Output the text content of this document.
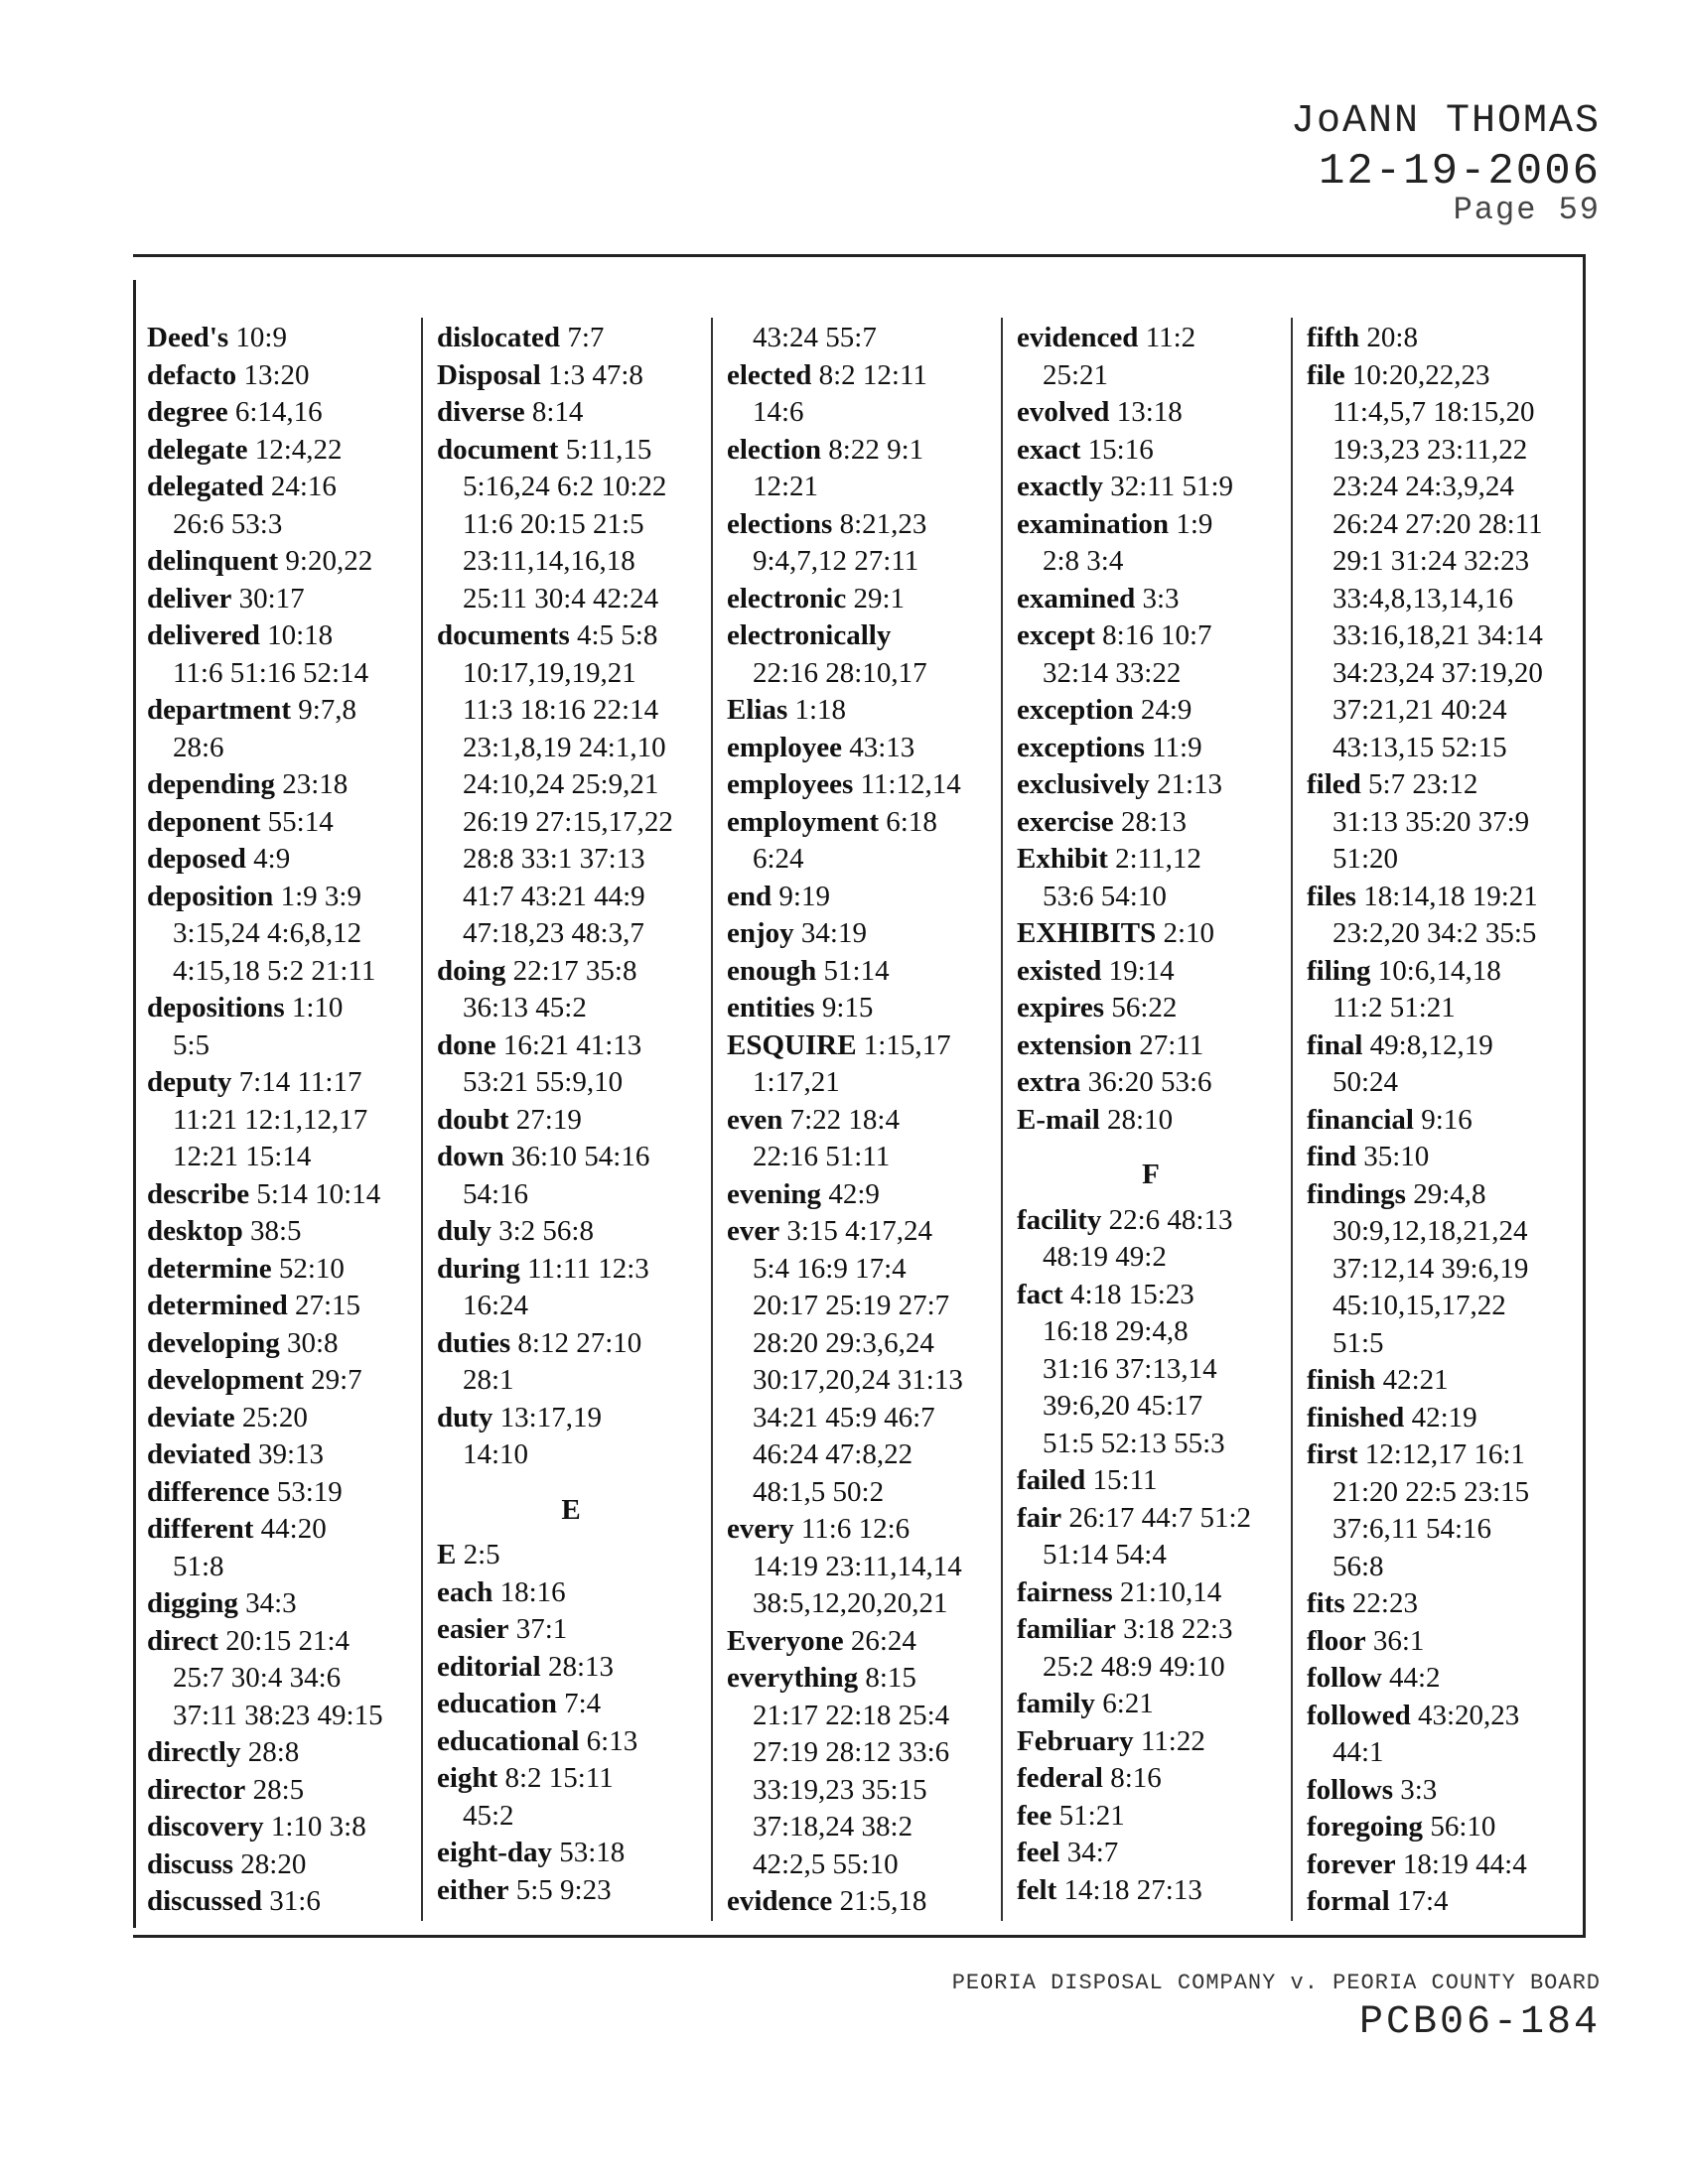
JoANN THOMAS
12-19-2006
Page 59
Deed's 10:9
defacto 13:20
degree 6:14,16
delegate 12:4,22
delegated 24:16
26:6 53:3
delinquent 9:20,22
deliver 30:17
delivered 10:18
11:6 51:16 52:14
department 9:7,8
28:6
depending 23:18
deponent 55:14
deposed 4:9
deposition 1:9 3:9
3:15,24 4:6,8,12
4:15,18 5:2 21:11
depositions 1:10
5:5
deputy 7:14 11:17
11:21 12:1,12,17
12:21 15:14
describe 5:14 10:14
desktop 38:5
determine 52:10
determined 27:15
developing 30:8
development 29:7
deviate 25:20
deviated 39:13
difference 53:19
different 44:20
51:8
digging 34:3
direct 20:15 21:4
25:7 30:4 34:6
37:11 38:23 49:15
directly 28:8
director 28:5
discovery 1:10 3:8
discuss 28:20
discussed 31:6
dislocated 7:7
Disposal 1:3 47:8
diverse 8:14
document 5:11,15
5:16,24 6:2 10:22
11:6 20:15 21:5
23:11,14,16,18
25:11 30:4 42:24
documents 4:5 5:8
10:17,19,19,21
11:3 18:16 22:14
23:1,8,19 24:1,10
24:10,24 25:9,21
26:19 27:15,17,22
28:8 33:1 37:13
41:7 43:21 44:9
47:18,23 48:3,7
doing 22:17 35:8
36:13 45:2
done 16:21 41:13
53:21 55:9,10
doubt 27:19
down 36:10 54:16
54:16
duly 3:2 56:8
during 11:11 12:3
16:24
duties 8:12 27:10
28:1
duty 13:17,19
14:10
E
E 2:5
each 18:16
easier 37:1
editorial 28:13
education 7:4
educational 6:13
eight 8:2 15:11
45:2
eight-day 53:18
either 5:5 9:23
43:24 55:7
elected 8:2 12:11
14:6
election 8:22 9:1
12:21
elections 8:21,23
9:4,7,12 27:11
electronic 29:1
electronically
22:16 28:10,17
Elias 1:18
employee 43:13
employees 11:12,14
employment 6:18
6:24
end 9:19
enjoy 34:19
enough 51:14
entities 9:15
ESQUIRE 1:15,17
1:17,21
even 7:22 18:4
22:16 51:11
evening 42:9
ever 3:15 4:17,24
5:4 16:9 17:4
20:17 25:19 27:7
28:20 29:3,6,24
30:17,20,24 31:13
34:21 45:9 46:7
46:24 47:8,22
48:1,5 50:2
every 11:6 12:6
14:19 23:11,14,14
38:5,12,20,20,21
Everyone 26:24
everything 8:15
21:17 22:18 25:4
27:19 28:12 33:6
33:19,23 35:15
37:18,24 38:2
42:2,5 55:10
evidence 21:5,18
evidenced 11:2
25:21
evolved 13:18
exact 15:16
exactly 32:11 51:9
examination 1:9
2:8 3:4
examined 3:3
except 8:16 10:7
32:14 33:22
exception 24:9
exceptions 11:9
exclusively 21:13
exercise 28:13
Exhibit 2:11,12
53:6 54:10
EXHIBITS 2:10
existed 19:14
expires 56:22
extension 27:11
extra 36:20 53:6
E-mail 28:10
F
facility 22:6 48:13
48:19 49:2
fact 4:18 15:23
16:18 29:4,8
31:16 37:13,14
39:6,20 45:17
51:5 52:13 55:3
failed 15:11
fair 26:17 44:7 51:2
51:14 54:4
fairness 21:10,14
familiar 3:18 22:3
25:2 48:9 49:10
family 6:21
February 11:22
federal 8:16
fee 51:21
feel 34:7
felt 14:18 27:13
fifth 20:8
file 10:20,22,23
11:4,5,7 18:15,20
19:3,23 23:11,22
23:24 24:3,9,24
26:24 27:20 28:11
29:1 31:24 32:23
33:4,8,13,14,16
33:16,18,21 34:14
34:23,24 37:19,20
37:21,21 40:24
43:13,15 52:15
filed 5:7 23:12
31:13 35:20 37:9
51:20
files 18:14,18 19:21
23:2,20 34:2 35:5
filing 10:6,14,18
11:2 51:21
final 49:8,12,19
50:24
financial 9:16
find 35:10
findings 29:4,8
30:9,12,18,21,24
37:12,14 39:6,19
45:10,15,17,22
51:5
finish 42:21
finished 42:19
first 12:12,17 16:1
21:20 22:5 23:15
37:6,11 54:16
56:8
fits 22:23
floor 36:1
follow 44:2
followed 43:20,23
44:1
follows 3:3
foregoing 56:10
forever 18:19 44:4
formal 17:4
PEORIA DISPOSAL COMPANY v. PEORIA COUNTY BOARD
PCB06-184
